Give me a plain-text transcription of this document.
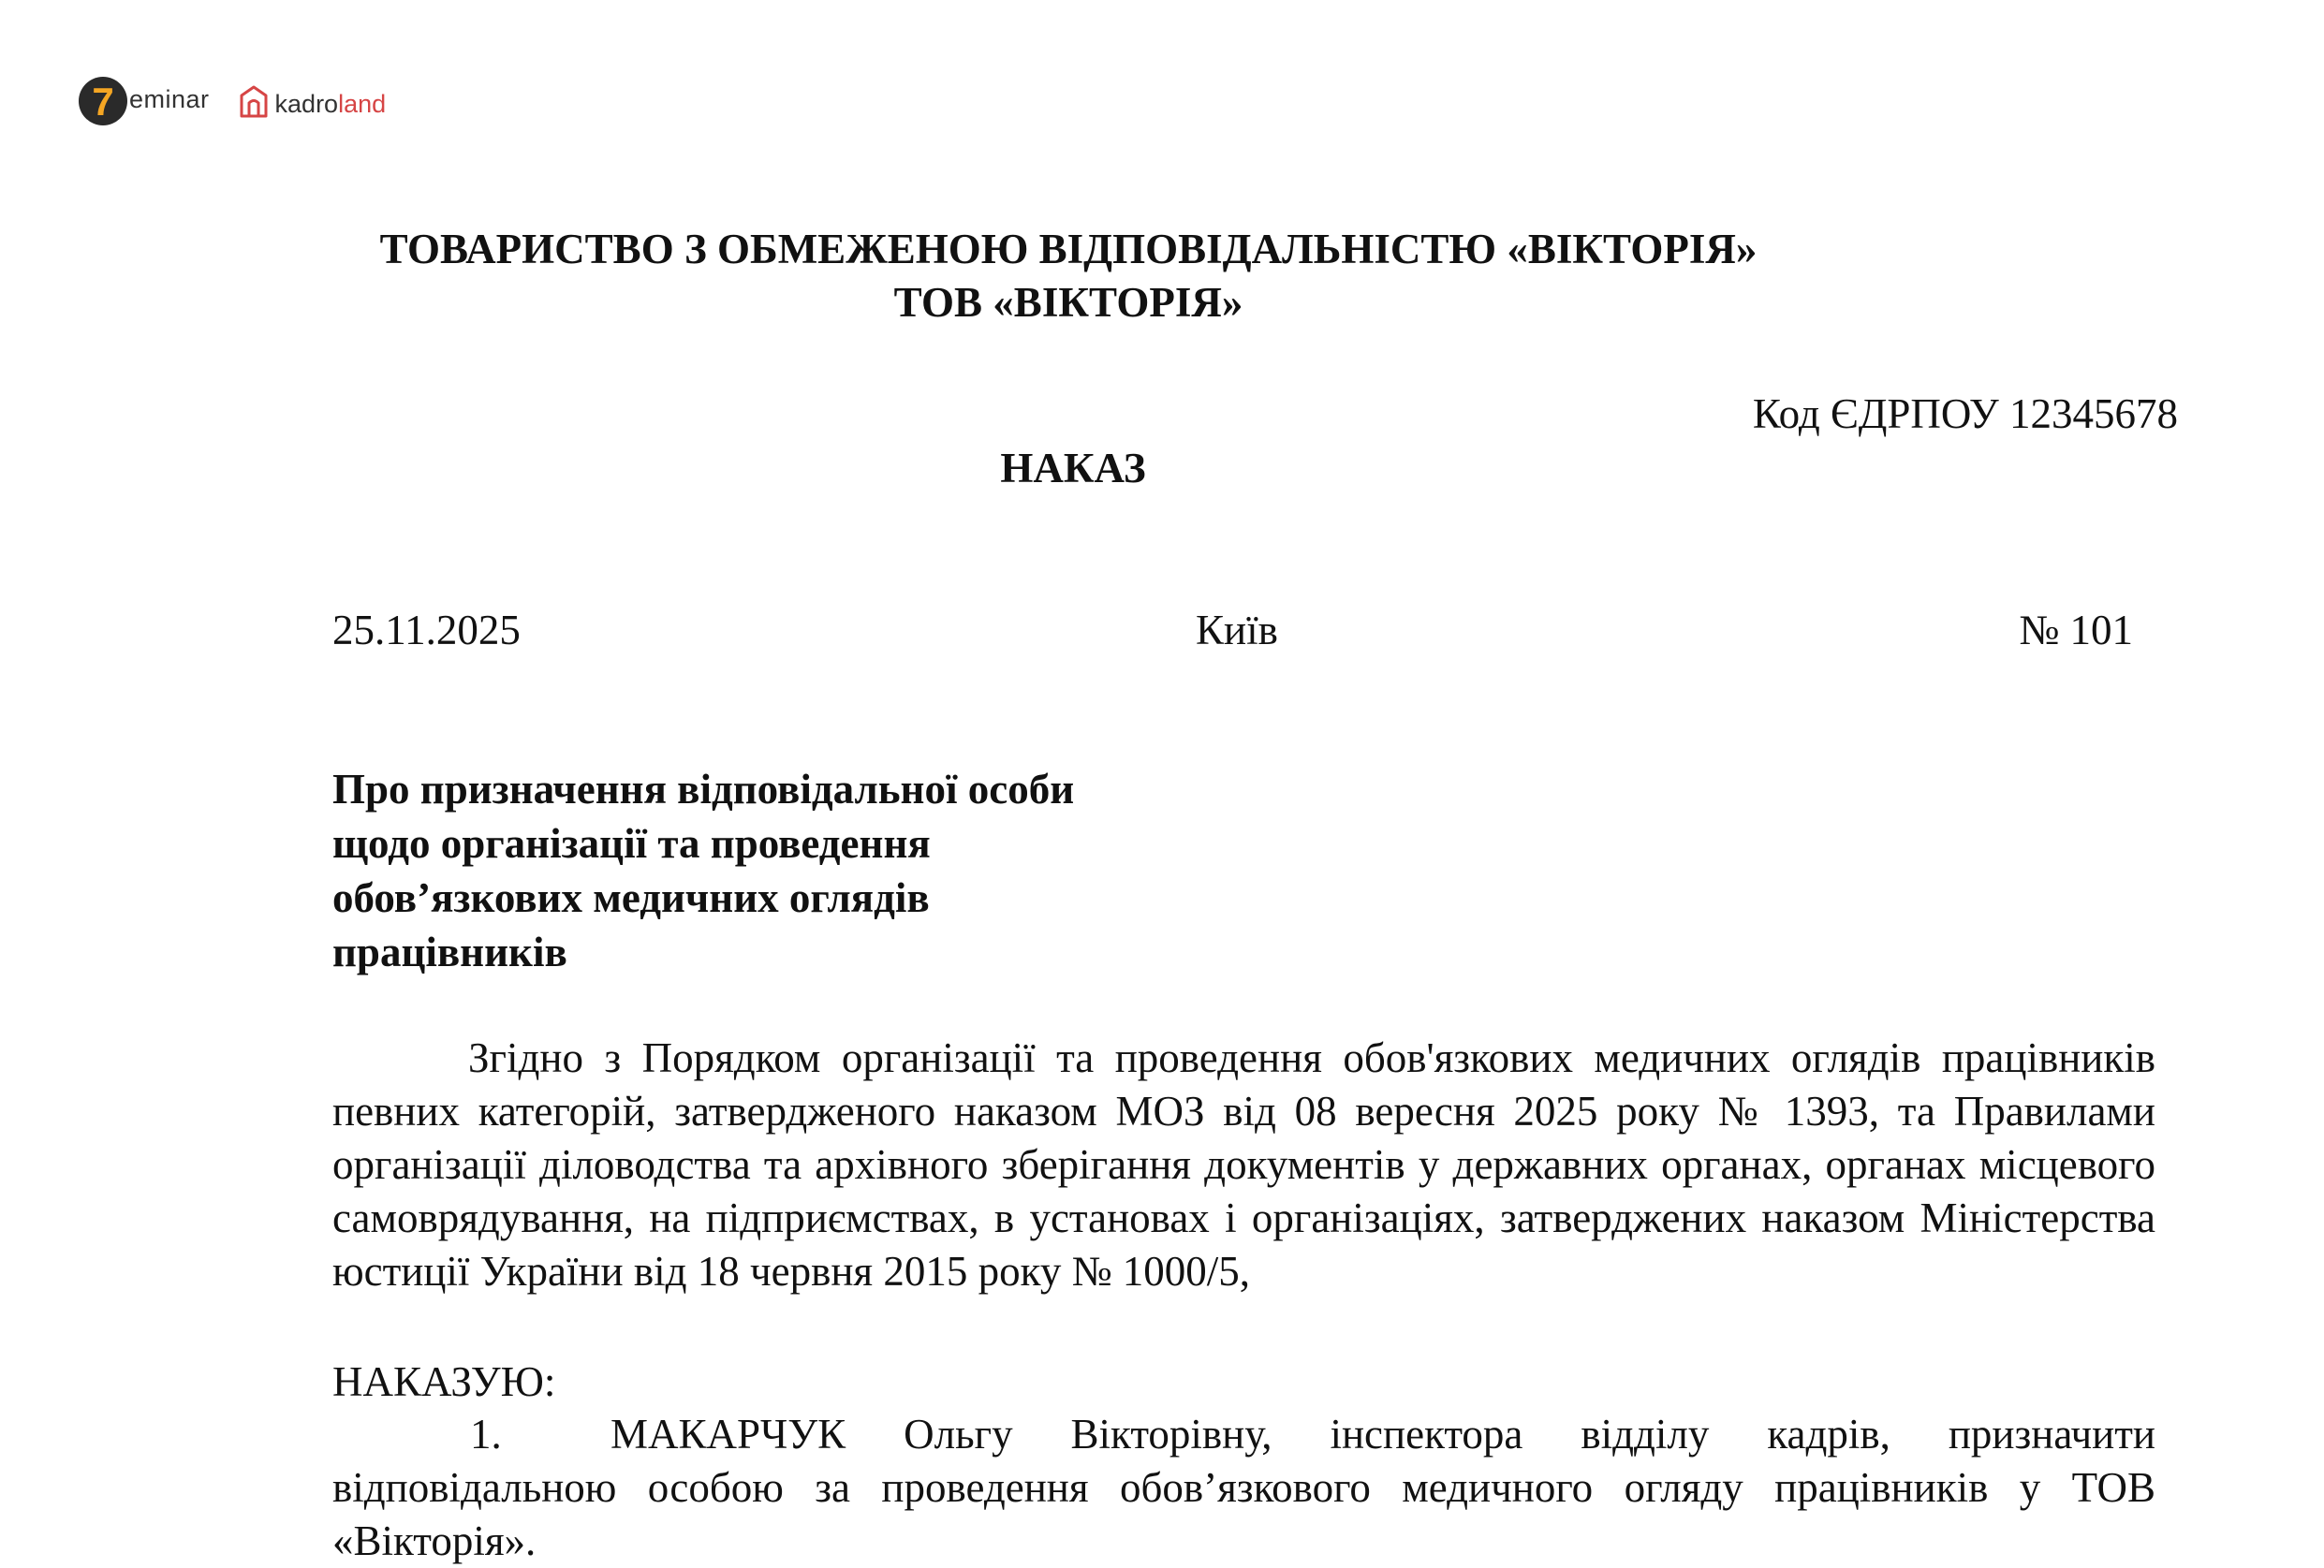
7 eminar	kadroland
ТОВАРИСТВО З ОБМЕЖЕНОЮ ВІДПОВІДАЛЬНІСТЮ «ВІКТОРІЯ»
ТОВ «ВІКТОРІЯ»
Код ЄДРПОУ 12345678
НАКАЗ
25.11.2025	Київ	№ 101
Про призначення відповідальної особи щодо організації та проведення обов’язкових медичних оглядів працівників
Згідно з Порядком організації та проведення обов'язкових медичних оглядів працівників певних категорій, затвердженого наказом МОЗ від 08 вересня 2025 року № 1393, та Правилами організації діловодства та архівного зберігання документів у державних органах, органах місцевого самоврядування, на підприємствах, в установах і організаціях, затверджених наказом Міністерства юстиції України від 18 червня 2015 року № 1000/5,
НАКАЗУЮ:
1.	МАКАРЧУК Ольгу Вікторівну, інспектора відділу кадрів, призначити відповідальною особою за проведення обов’язкового медичного огляду працівників у ТОВ «Вікторія».
